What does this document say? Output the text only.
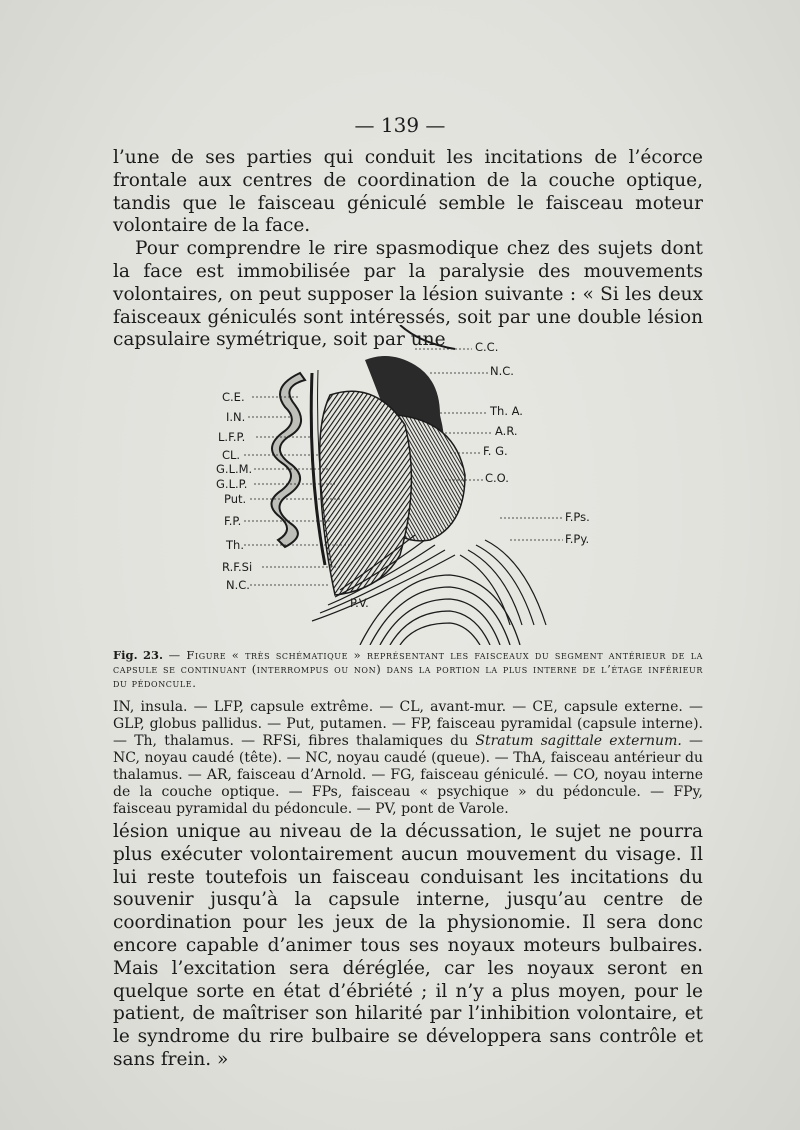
— 139 —

l’une de ses parties qui conduit les incitations de l’écorce frontale aux centres de coordination de la couche optique, tandis que le faisceau géniculé semble le faisceau moteur volontaire de la face.

Pour comprendre le rire spasmodique chez des sujets dont la face est immobilisée par la paralysie des mouvements volontaires, on peut supposer la lésion suivante : « Si les deux faisceaux géniculés sont intéressés, soit par une double lésion capsulaire symétrique, soit par une

C.E.
I.N.
L.F.P.
CL.
G.L.M.
G.L.P.
Put.
F.P.
Th.
R.F.Si
N.C.
C.C.
N.C.
Th. A.
A.R.
F. G.
C.O.
F.Ps.
F.Py.
P.V.
Fig. 23. — Figure « très schématique » représentant les faisceaux du segment antérieur de la capsule se continuant (interrompus ou non) dans la portion la plus interne de l’étage inférieur du pédoncule.
IN, insula. — LFP, capsule extrême. — CL, avant-mur. — CE, capsule externe. — GLP, globus pallidus. — Put, putamen. — FP, faisceau pyramidal (capsule interne). — Th, thalamus. — RFSi, fibres thalamiques du Stratum sagittale externum. — NC, noyau caudé (tête). — NC, noyau caudé (queue). — ThA, faisceau antérieur du thalamus. — AR, faisceau d’Arnold. — FG, faisceau géniculé. — CO, noyau interne de la couche optique. — FPs, faisceau « psychique » du pédoncule. — FPy, faisceau pyramidal du pédoncule. — PV, pont de Varole.

lésion unique au niveau de la décussation, le sujet ne pourra plus exécuter volontairement aucun mouvement du visage. Il lui reste toutefois un faisceau conduisant les incitations du souvenir jusqu’à la capsule interne, jusqu’au centre de coordination pour les jeux de la physionomie. Il sera donc encore capable d’animer tous ses noyaux moteurs bulbaires. Mais l’excitation sera déréglée, car les noyaux seront en quelque sorte en état d’ébriété ; il n’y a plus moyen, pour le patient, de maîtriser son hilarité par l’inhibition volontaire, et le syndrome du rire bulbaire se développera sans contrôle et sans frein. »
